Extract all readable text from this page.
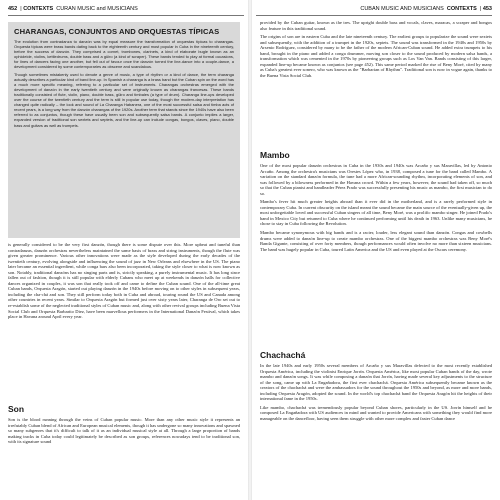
452  | CONTEXTS CURAN MUSIC and MUSICIANS
CHARANGAS, CONJUNTOS AND ORQUESTAS TÍPICAS

The evolution from contradanza to danzón was by equal measure the transformation of orquestas típicas to charangas. Orquesta típicas were brass bands dating back to the eighteenth century and most popular in Cuba in the nineteenth century, before the success of danzón. They comprised a cornet, trombones, clarinets, a kind of elaborate bugle known as an ophicleide, violins, kettledrums, double bass and a güiro (a kind of scraper). These bands tended to play at formal occasions, for lines of dancers facing one another, but fell out of favour once the danzón turned the line-dance into a couple-dance, a development considered by some contemporaries as obscene and scandalous.

Though sometimes mistakenly used to denote a genre of music, a type of rhythm or a kind of dance, the term charanga actually describes a particular kind of band line-up. In Spanish a charanga is a brass band but the Cuban spin on the word has a much more specific meaning, referring to a particular set of instruments. Charangas orchestras emerged with the development of danzón in the early twentieth century and were originally known as charangas francesas. These bands traditionally consisted of flute, violin, piano, double bass, güiro and timbales (a type of drum). Charanga line-ups developed over the course of the twentieth century and the term is still in popular use today, though the modern-day interpretation has changed quite radically – the look and sound of La Charanga Habanera, one of the most successful salsa and timba acts of recent years, is a long way from the danzón charangas of the 1920s. Another term that stands since the 1940s have also been referred to as conjuntos, though these have usually been son and subsequently salsa bands. A conjunto implies a larger, expanded version of traditional son sextets and septets, and the line-up can include congas, bongos, claves, piano, double bass and guitars as well as trumpets.

is generally considered to be the very first danzón, though there is some dispute over this. More upbeat and tuneful than contradanzas, danzón orchestras nevertheless maintained the same basis of brass and string instruments, though the flute was given greater prominence. Various other innovations were made as the style developed during the early decades of the twentieth century, evolving alongside and influencing the sound of jazz in New Orleans and elsewhere in the US. The piano later became an essential ingredient, while conga bars also been incorporated, taking the style closer to what is now known as son. Notably, traditional danzóns has no singing parts and is, strictly speaking, a purely instrumental music. It has long since fallen out of fashion, though it is still popular with elderly Cubans who meet up at weekends in danzón halls for collective dances organized in couples, it was son that really took off and came to define the Cuban sound. One of the all-time great Cuban bands, Orquesta Aragón, started out playing danzón in the 1940s before moving on to other styles in subsequent years, including the cha-chá and son. They still perform today both in Cuba and abroad, touring round the US and Canada among other countries in recent years. Similar to Orquesta Aragón but formed just over sixty years later, Charanga de Oro set out to re-establish some of the neglected traditional styles of Cuban music and, along with other revival groups including Buena Vista Social Club and Orquesta Barbarito Diez, have been marvellous performers in the International Danzón Festival, which takes place in Havana around April every year.

Son

Son is the blood running through the veins of Cuban popular music. More than any other music style it represents an irrefutably Cuban blend of African and European musical elements, though it has undergone so many innovations and spawned so many subgenres that it's difficult to talk of it as an individual musical style at all. Through a large proportion of bands making tracks in Cuba today could legitimately be described as son groups, references nowadays tend to be traditional son, with its signature sound

CUBAN MUSIC AND MUSICIANS CONTEXTS  | 453

provided by the Cuban guitar, known as the tres. The upright double bass and vocals, claves, maracas, a scraper and bongos also feature in this traditional sound.

The origins of son are in eastern Cuba and the late nineteenth century. The earliest groups to popularize the sound were sextets and subsequently, with the addition of a trumpet in the 1920s, septets. The sound was transformed in the 1940s and 1950s by Arsenio Rodríguez, considered by many to be the father of the modern African-Cuban sound. He added extra trumpets to his band, brought in the piano and added a conga drummer, moving son closer to the sound produced by modern salsa bands, a transformation which was cemented in the 1970s by pioneering groups such as Los Van Van. Bands consisting of this larger, expanded line-up became known as conjuntos (see page 452). This same period marked the rise of Beny Moré, cited by many as Cuba's greatest ever sonero, who was known as the "Barbarian of Rhythm". Traditional son is now in vogue again, thanks to the Buena Vista Social Club.

Mambo

One of the most popular danzón orchestras in Cuba in the 1930s and 1940s was Arcaño y sus Maravillas, led by Antonio Arcaño. Among the orchestra's musicians was Orestes López who, in 1938, composed a tune for the band called Mambo. A variation on the standard danzón formula, the tune had a more African-sounding rhythm, incorporating elements of son, and was followed by a bilowness performed in the Havana crowd. Within a few years, however, the sound had taken off, so much so that the Cuban pianist and bandleader Pérez Prado was successfully presenting his music as mambo, the first musician to do so.

Mambo's fever hit much greater heights abroad than it ever did in the motherland, and is a rarely performed style in contemporary Cuba. In current obscurity on the island meant the sound became the main source of the eventually-given up, the most unforgettable loved and successful Cuban singers of all time, Beny Moré, was a prolific mambo singer. He joined Prado's band in Mexico City but returned to Cuba where he continued performing until his death in 1963. Unlike many musicians, he chose to stay in Cuba following the Revolution.

Mambo became synonymous with big bands and is a racier, louder, less elegant sound than danzón. Congas and cowbells drums were added to danzón line-up to create mambo orchestras. One of the biggest mambo orchestras was Beny Moré's Banda Gigante, consisting of over forty members, though performances would often involve no more than sixteen musicians. The band was hugely popular in Cuba, toured Latin America and the US and even played at the Oscars ceremony.

Chachachá

In the late 1940s and early 1950s several members of Arcaño y sus Maravillas defected to the most recently established Orquesta América, including the violinist Enrique Jorrín. Orquesta América, like most popular Cuban bands of the day, wrote mambo and danzón songs. It was while composing a danzón that Jorrín, having made several key adjustments to the structure of the song, came up with La Engañadora, the first ever chachachá. Orquesta América subsequently became known as the creators of the chachachá and were the ambassadors for the sound throughout the 1950s and beyond, as more and more bands, including Orquesta Aragón, adopted the sound. In the world's top chachachá band the Orquesta Aragón hit the heights of their international fame in the 1950s.

Like mambo, chachachá was tremendously popular beyond Cuban shores, particularly in the US. Jorrín himself and he composed La Engañadora with US audiences in mind and wanted to provide Americans with something they would find more manageable on the dancefloor, having seen them struggle with other more complex and faster Cuban dance
